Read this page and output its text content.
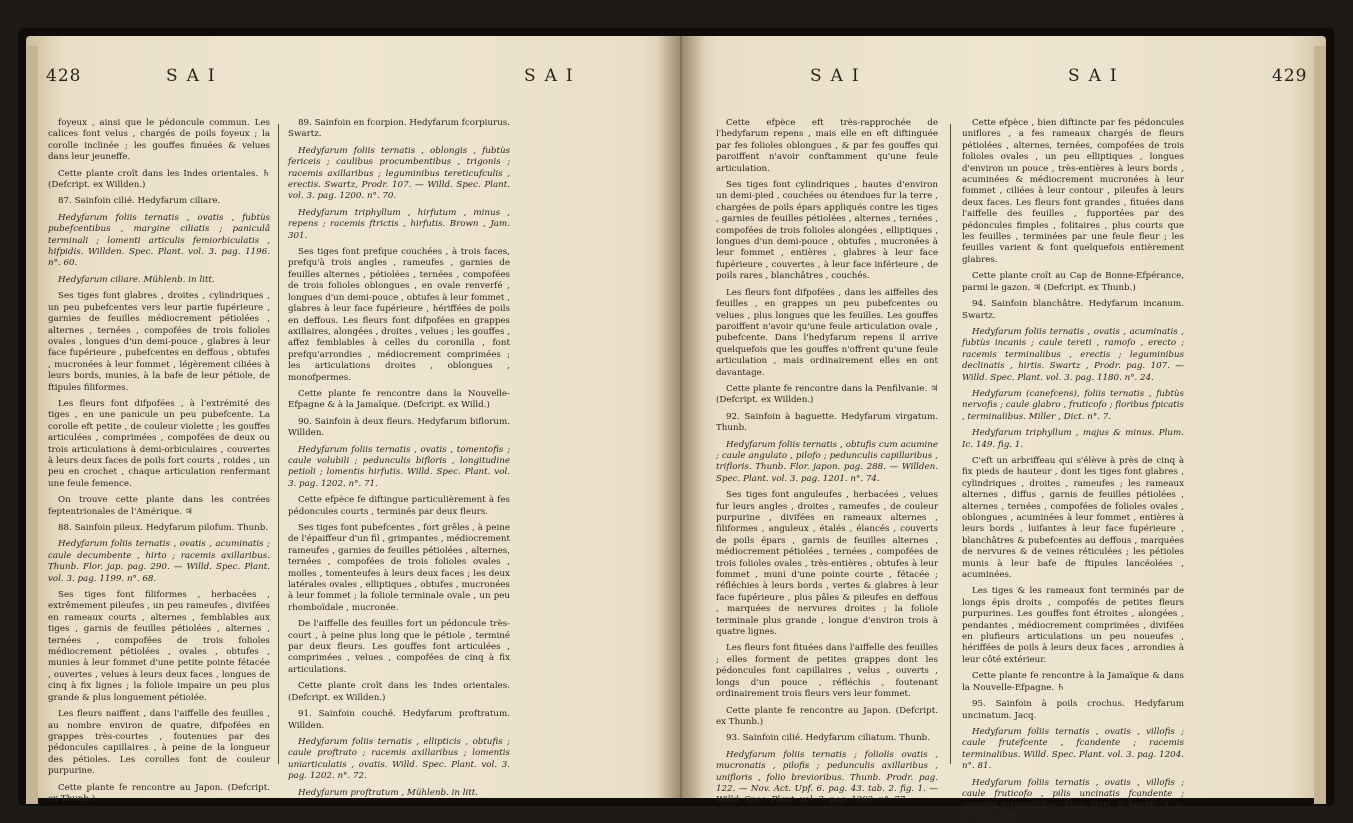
428	SAI	SAI

foyeux , ainsi que le pédoncule commun. Les calices font velus , chargés de poils foyeux ; la corolle inclinée ; les gouffes finuées & velues dans leur jeuneffe.

Cette plante croît dans les Indes orientales. ♄ (Defcript. ex Willden.)

87. Sainfoin cilié. Hedyfarum ciliare.

Hedyfarum foliis ternatis , ovatis , fubtùs pubefcentibus , margine ciliatis ; paniculâ terminali ; lomenti articulis femiorbiculatis , hifpidis. Willden. Spec. Plant. vol. 3. pag. 1196. n°. 60.

Hedyfarum ciliare. Mühlenb. in litt.

Ses tiges font glabres , droites , cylindriques , un peu pubefcentes vers leur partie fupérieure , garnies de feuilles médiocrement pétiolées , alternes , ternées , compofées de trois folioles ovales , longues d'un demi-pouce , glabres à leur face fupérieure , pubefcentes en deffous , obtufes , mucronées à leur fommet , légèrement ciliées à leurs bords, munies, à la bafe de leur pétiole, de ftipules filiformes.

Les fleurs font difpofées , à l'extrémité des tiges , en une panicule un peu pubefcente. La corolle eft petite , de couleur violette ; les gouffes articulées , comprimées , compofées de deux ou trois articulations à demi-orbiculaires , couvertes à leurs deux faces de poils fort courts , roides , un peu en crochet , chaque articulation renfermant une feule femence.

On trouve cette plante dans les contrées feptentrionales de l'Amérique. ♃

88. Sainfoin pileux. Hedyfarum pilofum. Thunb.

Hedyfarum foliis ternatis , ovatis , acuminatis ; caule decumbente , hirto ; racemis axillaribus. Thunb. Flor. jap. pag. 290. — Willd. Spec. Plant. vol. 3. pag. 1199. n°. 68.

Ses tiges font filiformes , herbacées , extrêmement pileufes , un peu rameufes , divifées en rameaux courts , alternes , femblables aux tiges , garnis de feuilles pétiolées , alternes , ternées , compofées de trois folioles médiocrement pétiolées , ovales , obtufes , munies à leur fommet d'une petite pointe fétacée , ouvertes , velues à leurs deux faces , longues de cinq à fix lignes ; la foliole impaire un peu plus grande & plus longuement pétiolée.

Les fleurs naiffent , dans l'aiffelle des feuilles , au nombre environ de quatre, difpofées en grappes très-courtes , foutenues par des pédoncules capillaires , à peine de la longueur des pétioles. Les corolles font de couleur purpurine.

Cette plante fe rencontre au Japon. (Defcript. ex Thunb.)

89. Sainfoin en fcorpion. Hedyfarum fcorpiurus. Swartz.

Hedyfarum foliis ternatis , oblongis , fubtùs fericeis ; caulibus procumbentibus , trigonis ; racemis axillaribus ; leguminibus tereticufculis , erectis. Swartz, Prodr. 107. — Willd. Spec. Plant. vol. 3. pag. 1200. n°. 70.

Hedyfarum triphyllum , hirfutum , minus , repens ; racemis ftrictis , hirfutis. Brown , Jam. 301.

Ses tiges font prefque couchées , à trois faces, prefqu'à trois angles , rameufes , garnies de feuilles alternes , pétiolées , ternées , compofées de trois folioles oblongues , en ovale renverfé , longues d'un demi-pouce , obtufes à leur fommet , glabres à leur face fupérieure , hériffées de poils en deffous. Les fleurs font difpofées en grappes axillaires, alongées , droites , velues ; les gouffes , affez femblables à celles du coronilla , font prefqu'arrondies , médiocrement comprimées ; les articulations droites , oblongues , monofpermes.

Cette plante fe rencontre dans la Nouvelle-Efpagne & à la Jamaïque. (Defcript. ex Willd.)

90. Sainfoin à deux fleurs. Hedyfarum biflorum. Willden.

Hedyfarum foliis ternatis , ovatis , tomentofis ; caule volubili ; pedunculis bifloris , longitudine petioli ; lomentis hirfutis. Willd. Spec. Plant. vol. 3. pag. 1202. n°. 71.

Cette efpèce fe diftingue particulièrement à fes pédoncules courts , terminés par deux fleurs.

Ses tiges font pubefcentes , fort grêles , à peine de l'épaiffeur d'un fil , grimpantes , médiocrement rameufes , garnies de feuilles pétiolées , alternes, ternées , compofées de trois folioles ovales , molles , tomenteufes à leurs deux faces ; les deux latérales ovales , elliptiques , obtufes , mucronées à leur fommet ; la foliole terminale ovale , un peu rhomboïdale , mucronée.

De l'aiffelle des feuilles fort un pédoncule très-court , à peine plus long que le pétiole , terminé par deux fleurs. Les gouffes font articulées , comprimées , velues , compofées de cinq à fix articulations.

Cette plante croît dans les Indes orientales. (Defcript. ex Willden.)

91. Sainfoin couché. Hedyfarum proftratum. Willden.

Hedyfarum foliis ternatis , ellipticis , obtufis ; caule proftrato ; racemis axillaribus ; lomentis uniarticulatis , ovatis. Willd. Spec. Plant. vol. 3. pag. 1202. n°. 72.

Hedyfarum proftratum , Mühlenb. in litt.

SAI	SAI	429

Cette efpèce eft très-rapprochée de l'hedyfarum repens , mais elle en eft diftinguée par fes folioles oblongues , & par fes gouffes qui paroiffent n'avoir conftamment qu'une feule articulation.

Ses tiges font cylindriques , hautes d'environ un demi-pied , couchées ou étendues fur la terre , chargées de poils épars appliqués contre les tiges , garnies de feuilles pétiolées , alternes , ternées , compofées de trois folioles alongées , elliptiques , longues d'un demi-pouce , obtufes , mucronées à leur fommet , entières , glabres à leur face fupérieure , couvertes , à leur face inférieure , de poils rares , blanchâtres , couchés.

Les fleurs font difpofées , dans les aiffelles des feuilles , en grappes un peu pubefcentes ou velues , plus longues que les feuilles. Les gouffes paroiffent n'avoir qu'une feule articulation ovale , pubefcente. Dans l'hedyfarum repens il arrive quelquefois que les gouffes n'offrent qu'une feule articulation , mais ordinairement elles en ont davantage.

Cette plante fe rencontre dans la Penfilvanie. ♃ (Defcript. ex Willden.)

92. Sainfoin à baguette. Hedyfarum virgatum. Thunb.

Hedyfarum foliis ternatis , obtufis cum acumine ; caule angulato , pilofo ; pedunculis capillaribus , trifloris. Thunb. Flor. japon. pag. 288. — Willden. Spec. Plant. vol. 3. pag. 1201. n°. 74.

Ses tiges font anguleufes , herbacées , velues fur leurs angles , droites , rameufes , de couleur purpurine , divifées en rameaux alternes , filiformes , anguleux , étalés , élancés , couverts de poils épars , garnis de feuilles alternes , médiocrement pétiolées , ternées , compofées de trois folioles ovales , très-entières , obtufes à leur fommet , muni d'une pointe courte , fétacée ; réfléchies à leurs bords , vertes & glabres à leur face fupérieure , plus pâles & pileufes en deffous , marquées de nervures droites ; la foliole terminale plus grande , longue d'environ trois à quatre lignes.

Les fleurs font fituées dans l'aiffelle des feuilles ; elles forment de petites grappes dont les pédoncules font capillaires , velus , ouverts , longs d'un pouce , réfléchis , foutenant ordinairement trois fleurs vers leur fommet.

Cette plante fe rencontre au Japon. (Defcript. ex Thunb.)

93. Sainfoin cilié. Hedyfarum ciliatum. Thunb.

Hedyfarum foliis ternatis ; foliolis ovatis , mucronatis , pilofis ; pedunculis axillaribus , unifloris , folio brevioribus. Thunb. Prodr. pag. 122. — Nov. Act. Upf. 6. pag. 43. tab. 2. fig. 1. — Willd. Spec. Plant. vol. 3. pag. 1202. n°. 77.

Cette efpèce , bien diftincte par fes pédoncules uniflores , a fes rameaux chargés de fleurs pétiolées , alternes, ternées, compofées de trois folioles ovales , un peu elliptiques , longues d'environ un pouce , très-entières à leurs bords , acuminées & médiocrement mucronées à leur fommet , ciliées à leur contour , pileufes à leurs deux faces. Les fleurs font grandes , fituées dans l'aiffelle des feuilles , fupportées par des pédoncules fimples , folitaires , plus courts que les feuilles , terminées par une feule fleur ; les feuilles varient & font quelquefois entièrement glabres.

Cette plante croît au Cap de Bonne-Efpérance, parmi le gazon. ♃ (Defcript. ex Thunb.)

94. Sainfoin blanchâtre. Hedyfarum incanum. Swartz.

Hedyfarum foliis ternatis , ovatis , acuminatis , fubtùs incanis ; caule tereti , ramofo , erecto ; racemis terminalibus , erectis ; leguminibus declinatis , hirtis. Swartz , Prodr. pag. 107. — Willd. Spec. Plant. vol. 3. pag. 1180. n°. 24.

Hedyfarum (canefcens), foliis ternatis , fubtùs nervofis ; caule glabro , fruticofo ; floribus fpicatis , terminalibus. Miller , Dict. n°. 7.

Hedyfarum triphyllum , majus & minus. Plum. Ic. 149. fig. 1.

C'eft un arbriffeau qui s'élève à près de cinq à fix pieds de hauteur , dont les tiges font glabres , cylindriques , droites , rameufes ; les rameaux alternes , diffus , garnis de feuilles pétiolées , alternes , ternées , compofées de folioles ovales , oblongues , acuminées à leur fommet , entières à leurs bords , luifantes à leur face fupérieure , blanchâtres & pubefcentes au deffous , marquées de nervures & de veines réticulées ; les pétioles munis à leur bafe de ftipules lancéolées , acuminées.

Les tiges & les rameaux font terminés par de longs épis droits , compofés de petites fleurs purpurines. Les gouffes font étroites , alongées , pendantes , médiocrement comprimées , divifées en plufieurs articulations un peu noueufes , hériffées de poils à leurs deux faces , arrondies à leur côté extérieur.

Cette plante fe rencontre à la Jamaïque & dans la Nouvelle-Efpagne. ♄

95. Sainfoin à poils crochus. Hedyfarum uncinatum. Jacq.

Hedyfarum foliis ternatis , ovatis , villofis ; caule frutefcente , fcandente ; racemis terminalibus. Willd. Spec. Plant. vol. 3. pag. 1204. n°. 81.

Hedyfarum foliis ternatis , ovatis , villofis ; caule fruticofo , pilis uncinatis fcandente ; racemis terminalibus. Jacq. Hort. Schoenb. 3. p. 27. tab. 298.
